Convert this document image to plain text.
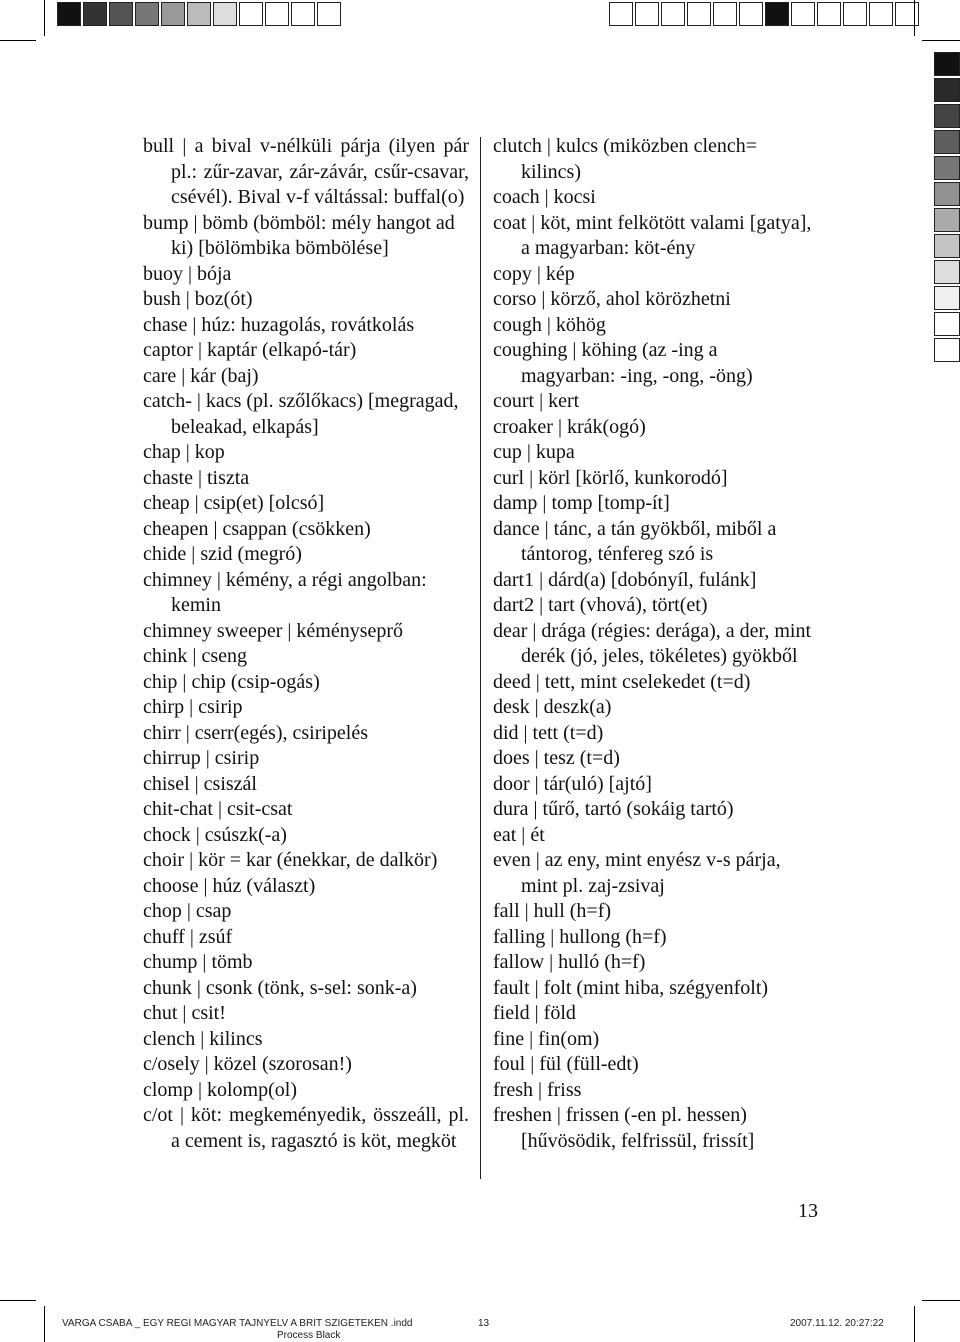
bull | a bival v-nélküli párja (ilyen pár pl.: zűr-zavar, zár-závár, csűr-csavar, csévél). Bival v-f váltással: buffal(o)
bump | bömb (bömböl: mély hangot ad ki) [bölömbika bömbölése]
buoy | bója
bush | boz(ót)
chase | húz: huzagolás, rovátkolás
captor | kaptár (elkapó-tár)
care | kár (baj)
catch- | kacs (pl. szőlőkacs) [megragad, beleakad, elkapás]
chap | kop
chaste | tiszta
cheap | csip(et) [olcsó]
cheapen | csappan (csökken)
chide | szid (megró)
chimney | kémény, a régi angolban: kemin
chimney sweeper | kéményseprő
chink | cseng
chip | chip (csip-ogás)
chirp | csirip
chirr | cserr(egés), csiripelés
chirrup | csirip
chisel | csiszál
chit-chat | csit-csat
chock | csúszk(-a)
choir | kör = kar (énekkar, de dalkör)
choose | húz (választ)
chop | csap
chuff | zsúf
chump | tömb
chunk | csonk (tönk, s-sel: sonk-a)
chut | csit!
clench | kilincs
c/osely | közel (szorosan!)
clomp | kolomp(ol)
c/ot | köt: megkeményedik, összeáll, pl. a cement is, ragasztó is köt, megköt
clutch | kulcs (miközben clench= kilincs)
coach | kocsi
coat | köt, mint felkötött valami [gatya], a magyarban: köt-ény
copy | kép
corso | körző, ahol körözhetni
cough | köhög
coughing | köhing (az -ing a magyarban: -ing, -ong, -öng)
court | kert
croaker | krák(ogó)
cup | kupa
curl | körl [körlő, kunkorodó]
damp | tomp [tomp-ít]
dance | tánc, a tán gyökből, miből a tántorog, ténfereg szó is
dart1 | dárd(a) [dobónyíl, fulánk]
dart2 | tart (vhová), tört(et)
dear | drága (régies: derága), a der, mint derék (jó, jeles, tökéletes) gyökből
deed | tett, mint cselekedet (t=d)
desk | deszk(a)
did | tett (t=d)
does | tesz (t=d)
door | tár(uló) [ajtó]
dura | tűrő, tartó (sokáig tartó)
eat | ét
even | az eny, mint enyész v-s párja, mint pl. zaj-zsivaj
fall | hull (h=f)
falling | hullong (h=f)
fallow | hulló (h=f)
fault | folt (mint hiba, szégyenfolt)
field | föld
fine | fin(om)
foul | fül (füll-edt)
fresh | friss
freshen | frissen (-en pl. hessen) [hűvösödik, felfrissül, frissít]
13
VARGA CSABA _ EGY REGI MAGYAR TAJNYELV A BRIT SZIGETEKEN .indd	13	2007.11.12. 20:27:22
Process Black
